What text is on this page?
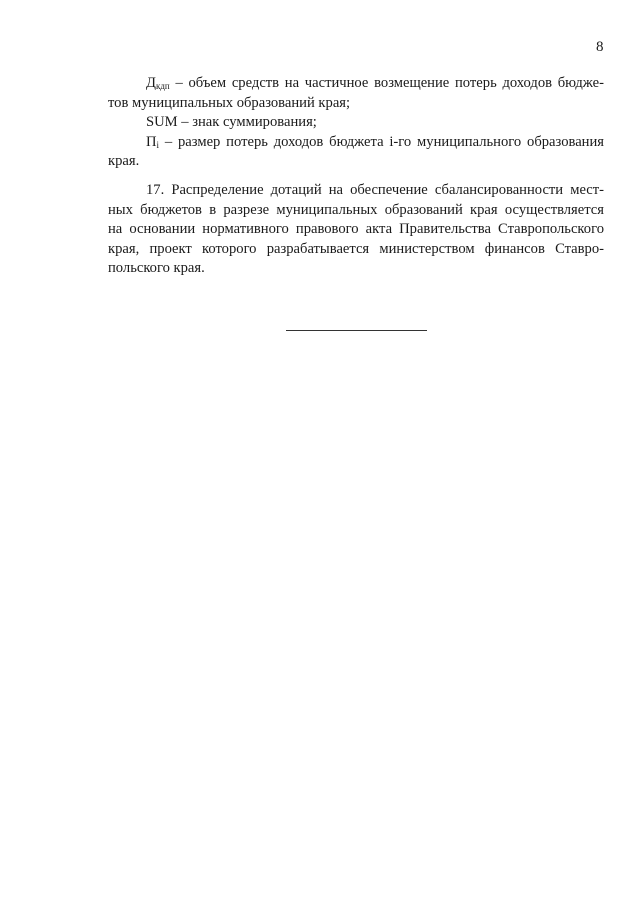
8
$Д_{кдп}$ – объем средств на частичное возмещение потерь доходов бюдже-
тов муниципальных образований края;
SUM – знак суммирования;
$П_i$ – размер потерь доходов бюджета i-го муниципального образования
края.
17. Распределение дотаций на обеспечение сбалансированности мест-
ных бюджетов в разрезе муниципальных образований края осуществляется
на основании нормативного правового акта Правительства Ставропольского
края, проект которого разрабатывается министерством финансов Ставро-
польского края.
